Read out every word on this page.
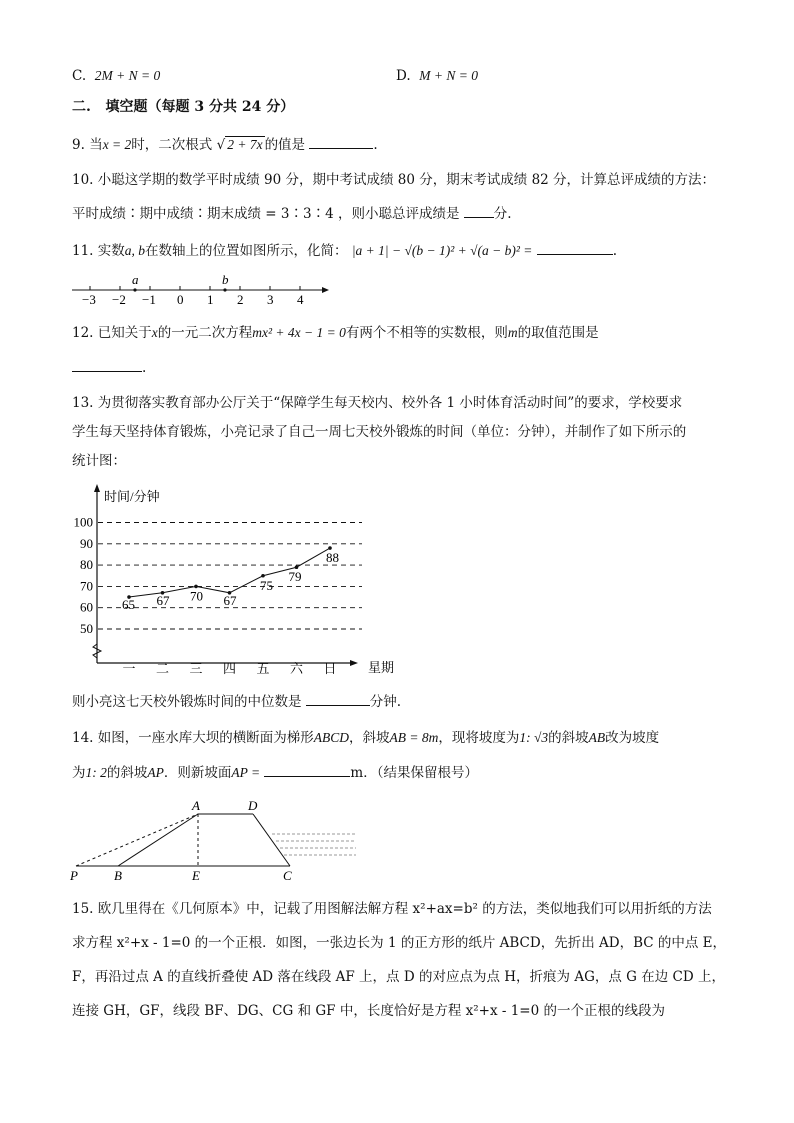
C. 2M + N = 0	D. M + N = 0
二. 填空题（每题 3 分共 24 分）
9. 当x = 2时，二次根式 √ 2 + 7x 的值是	.
10. 小聪这学期的数学平时成绩 90 分，期中考试成绩 80 分，期末考试成绩 82 分，计算总评成绩的方法：
平时成绩∶期中成绩∶期末成绩 = 3∶3∶4 ，则小聪总评成绩是	分.
11. 实数a, b在数轴上的位置如图所示，化简： |a + 1| − √(b − 1)² + √(a − b)² =	.
−3 −2 −1 0 1 2 3 4
a	b
12. 已知关于x的一元二次方程mx² + 4x − 1 = 0有两个不相等的实数根，则m的取值范围是
.
13. 为贯彻落实教育部办公厅关于“保障学生每天校内、校外各 1 小时体育活动时间”的要求，学校要求
学生每天坚持体育锻炼，小亮记录了自己一周七天校外锻炼的时间（单位：分钟），并制作了如下所示的
统计图：
时间/分钟
星期
50
60
70
80
90
100
一 二 三 四 五 六 日
65 67 70 67
75
79
88
则小亮这七天校外锻炼时间的中位数是	分钟.
14. 如图，一座水库大坝的横断面为梯形ABCD，斜坡AB = 8m，现将坡度为1: √3的斜坡AB改为坡度
为1: 2的斜坡AP．则新坡面AP =	m．（结果保留根号）
A	D
P	B	E	C
15. 欧几里得在《几何原本》中，记载了用图解法解方程 x²+ax=b² 的方法，类似地我们可以用折纸的方法
求方程 x²+x - 1=0 的一个正根．如图，一张边长为 1 的正方形的纸片 ABCD，先折出 AD，BC 的中点 E，
F，再沿过点 A 的直线折叠使 AD 落在线段 AF 上，点 D 的对应点为点 H，折痕为 AG，点 G 在边 CD 上，
连接 GH，GF，线段 BF、DG、CG 和 GF 中，长度恰好是方程 x²+x - 1=0 的一个正根的线段为
